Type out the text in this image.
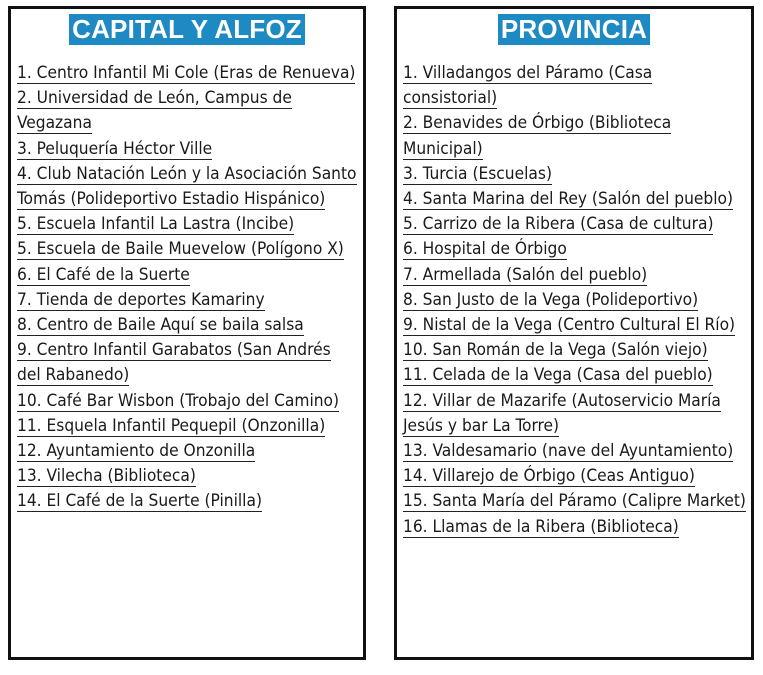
CAPITAL Y ALFOZ
1. Centro Infantil Mi Cole (Eras de Renueva)
2. Universidad de León, Campus de Vegazana
3. Peluquería Héctor Ville
4. Club Natación León y la Asociación Santo Tomás (Polideportivo Estadio Hispánico)
5. Escuela Infantil La Lastra (Incibe)
5. Escuela de Baile Muevelow (Polígono X)
6. El Café de la Suerte
7. Tienda de deportes Kamariny
8. Centro de Baile Aquí se baila salsa
9. Centro Infantil Garabatos (San Andrés del Rabanedo)
10. Café Bar Wisbon (Trobajo del Camino)
11. Esquela Infantil Pequepil (Onzonilla)
12. Ayuntamiento de Onzonilla
13. Vilecha (Biblioteca)
14. El Café de la Suerte (Pinilla)
PROVINCIA
1. Villadangos del Páramo (Casa consistorial)
2. Benavides de Órbigo (Biblioteca Municipal)
3. Turcia (Escuelas)
4. Santa Marina del Rey (Salón del pueblo)
5. Carrizo de la Ribera (Casa de cultura)
6. Hospital de Órbigo
7. Armellada (Salón del pueblo)
8. San Justo de la Vega (Polideportivo)
9. Nistal de la Vega (Centro Cultural El Río)
10. San Román de la Vega (Salón viejo)
11. Celada de la Vega (Casa del pueblo)
12. Villar de Mazarife (Autoservicio María Jesús y bar La Torre)
13. Valdesamario (nave del Ayuntamiento)
14. Villarejo de Órbigo (Ceas Antiguo)
15. Santa María del Páramo (Calipre Market)
16. Llamas de la Ribera (Biblioteca)
